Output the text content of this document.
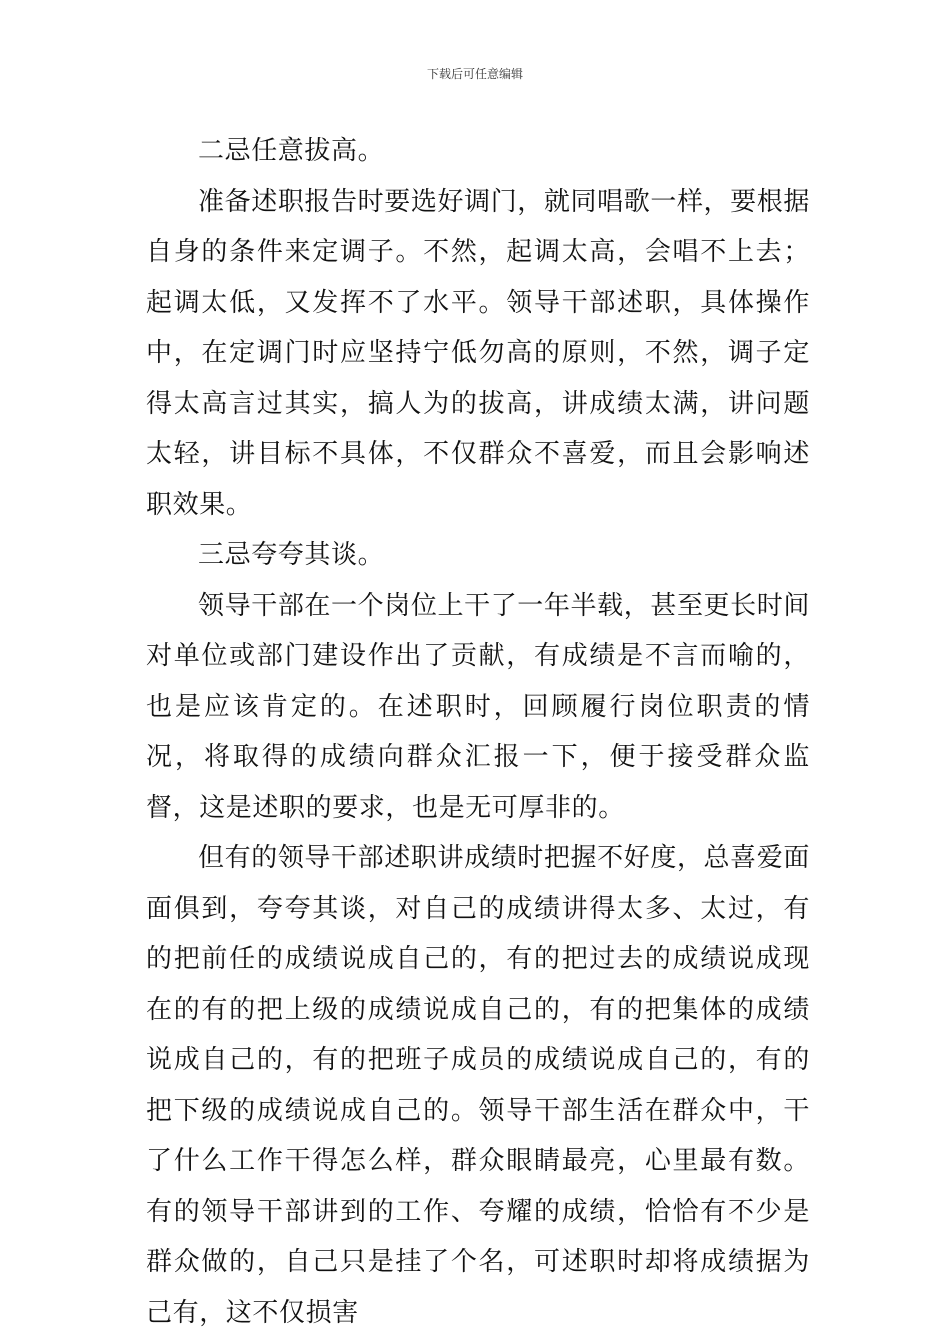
下载后可任意编辑

二忌任意拔高。

准备述职报告时要选好调门，就同唱歌一样，要根据自身的条件来定调子。不然，起调太高，会唱不上去；起调太低，又发挥不了水平。领导干部述职，具体操作中，在定调门时应坚持宁低勿高的原则，不然，调子定得太高言过其实，搞人为的拔高，讲成绩太满，讲问题太轻，讲目标不具体，不仅群众不喜爱，而且会影响述职效果。

三忌夸夸其谈。

领导干部在一个岗位上干了一年半载，甚至更长时间对单位或部门建设作出了贡献，有成绩是不言而喻的，也是应该肯定的。在述职时，回顾履行岗位职责的情况，将取得的成绩向群众汇报一下，便于接受群众监督，这是述职的要求，也是无可厚非的。

但有的领导干部述职讲成绩时把握不好度，总喜爱面面俱到，夸夸其谈，对自己的成绩讲得太多、太过，有的把前任的成绩说成自己的，有的把过去的成绩说成现在的有的把上级的成绩说成自己的，有的把集体的成绩说成自己的，有的把班子成员的成绩说成自己的，有的把下级的成绩说成自己的。领导干部生活在群众中，干了什么工作干得怎么样，群众眼睛最亮，心里最有数。有的领导干部讲到的工作、夸耀的成绩，恰恰有不少是群众做的，自己只是挂了个名，可述职时却将成绩据为己有，这不仅损害
